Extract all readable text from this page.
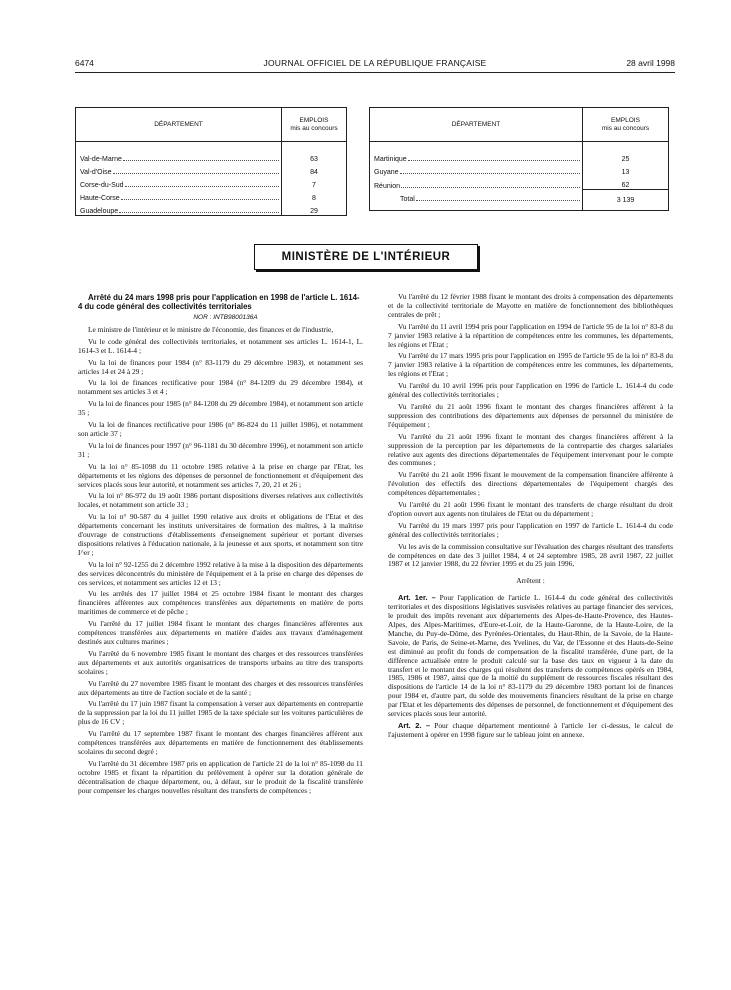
6474	JOURNAL OFFICIEL DE LA RÉPUBLIQUE FRANÇAISE	28 avril 1998
DÉPARTEMENT	EMPLOIS
mis au concours

Val-de-Marne	63

Val-d'Oise	84

Corse-du-Sud	7

Haute-Corse	8

Guadeloupe	29
DÉPARTEMENT	EMPLOIS
mis au concours

Martinique	25

Guyane	13

Réunion	62

Total	3 139
MINISTÈRE DE L'INTÉRIEUR

Arrêté du 24 mars 1998 pris pour l'application en 1998 de l'article L. 1614-4 du code général des collectivités territoriales

NOR : INTB9800136A

Le ministre de l'intérieur et le ministre de l'économie, des finances et de l'industrie,

Vu le code général des collectivités territoriales, et notamment ses articles L. 1614-1, L. 1614-3 et L. 1614-4 ;

Vu la loi de finances pour 1984 (n° 83-1179 du 29 décembre 1983), et notamment ses articles 14 et 24 à 29 ;

Vu la loi de finances rectificative pour 1984 (n° 84-1209 du 29 décembre 1984), et notamment ses articles 3 et 4 ;

Vu la loi de finances pour 1985 (n° 84-1208 du 29 décembre 1984), et notamment son article 35 ;

Vu la loi de finances rectificative pour 1986 (n° 86-824 du 11 juillet 1986), et notamment son article 37 ;

Vu la loi de finances pour 1997 (n° 96-1181 du 30 décembre 1996), et notamment son article 31 ;

Vu la loi n° 85-1098 du 11 octobre 1985 relative à la prise en charge par l'Etat, les départements et les régions des dépenses de personnel de fonctionnement et d'équipement des services placés sous leur autorité, et notamment ses articles 7, 20, 21 et 26 ;

Vu la loi n° 86-972 du 19 août 1986 portant dispositions diverses relatives aux collectivités locales, et notamment son article 33 ;

Vu la loi n° 90-587 du 4 juillet 1990 relative aux droits et obligations de l'Etat et des départements concernant les instituts universitaires de formation des maîtres, à la maîtrise d'ouvrage de constructions d'établissements d'enseignement supérieur et portant diverses dispositions relatives à l'éducation nationale, à la jeunesse et aux sports, et notamment son titre I^er ;

Vu la loi n° 92-1255 du 2 décembre 1992 relative à la mise à la disposition des départements des services déconcentrés du ministère de l'équipement et à la prise en charge des dépenses de ces services, et notamment ses articles 12 et 13 ;

Vu les arrêtés des 17 juillet 1984 et 25 octobre 1984 fixant le montant des charges financières afférentes aux compétences transférées aux départements en matière de ports maritimes de commerce et de pêche ;

Vu l'arrêté du 17 juillet 1984 fixant le montant des charges financières afférentes aux compétences transférées aux départements en matière d'aides aux travaux d'aménagement destinés aux cultures marines ;

Vu l'arrêté du 6 novembre 1985 fixant le montant des charges et des ressources transférées aux départements et aux autorités organisatrices de transports urbains au titre des transports scolaires ;

Vu l'arrêté du 27 novembre 1985 fixant le montant des charges et des ressources transférées aux départements au titre de l'action sociale et de la santé ;

Vu l'arrêté du 17 juin 1987 fixant la compensation à verser aux départements en contrepartie de la suppression par la loi du 11 juillet 1985 de la taxe spéciale sur les voitures particulières de plus de 16 CV ;

Vu l'arrêté du 17 septembre 1987 fixant le montant des charges financières afférent aux compétences transférées aux départements en matière de fonctionnement des établissements scolaires du second degré ;

Vu l'arrêté du 31 décembre 1987 pris en application de l'article 21 de la loi n° 85-1098 du 11 octobre 1985 et fixant la répartition du prélèvement à opérer sur la dotation générale de décentralisation de chaque département, ou, à défaut, sur le produit de la fiscalité transférée pour compenser les charges nouvelles résultant des transferts de compétences ;

Vu l'arrêté du 12 février 1988 fixant le montant des droits à compensation des départements et de la collectivité territoriale de Mayotte en matière de fonctionnement des bibliothèques centrales de prêt ;

Vu l'arrêté du 11 avril 1994 pris pour l'application en 1994 de l'article 95 de la loi n° 83-8 du 7 janvier 1983 relative à la répartition de compétences entre les communes, les départements, les régions et l'Etat ;

Vu l'arrêté du 17 mars 1995 pris pour l'application en 1995 de l'article 95 de la loi n° 83-8 du 7 janvier 1983 relative à la répartition de compétences entre les communes, les départements, les régions et l'Etat ;

Vu l'arrêté du 10 avril 1996 pris pour l'application en 1996 de l'article L. 1614-4 du code général des collectivités territoriales ;

Vu l'arrêté du 21 août 1996 fixant le montant des charges financières afférent à la suppression des contributions des départements aux dépenses de personnel du ministère de l'équipement ;

Vu l'arrêté du 21 août 1996 fixant le montant des charges financières afférent à la suppression de la perception par les départements de la contrepartie des charges salariales relative aux agents des directions départementales de l'équipement intervenant pour le compte des communes ;

Vu l'arrêté du 21 août 1996 fixant le mouvement de la compensation financière afférente à l'évolution des effectifs des directions départementales de l'équipement chargés des compétences départementales ;

Vu l'arrêté du 21 août 1996 fixant le montant des transferts de charge résultant du droit d'option ouvert aux agents non titulaires de l'Etat ou du département ;

Vu l'arrêté du 19 mars 1997 pris pour l'application en 1997 de l'article L. 1614-4 du code général des collectivités territoriales ;

Vu les avis de la commission consultative sur l'évaluation des charges résultant des transferts de compétences en date des 3 juillet 1984, 4 et 24 septembre 1985, 28 avril 1987, 22 juillet 1987 et 12 janvier 1988, du 22 février 1995 et du 25 juin 1996,

Arrêtent :

Art. 1er. – Pour l'application de l'article L. 1614-4 du code général des collectivités territoriales et des dispositions législatives susvisées relatives au partage financier des services, le produit des impôts revenant aux départements des Alpes-de-Haute-Provence, des Hautes-Alpes, des Alpes-Maritimes, d'Eure-et-Loir, de la Haute-Garonne, de la Haute-Loire, de la Manche, du Puy-de-Dôme, des Pyrénées-Orientales, du Haut-Rhin, de la Savoie, de la Haute-Savoie, de Paris, de Seine-et-Marne, des Yvelines, du Var, de l'Essonne et des Hauts-de-Seine est diminué au profit du fonds de compensation de la fiscalité transférée, d'une part, de la différence actualisée entre le produit calculé sur la base des taux en vigueur à la date du transfert et le montant des charges qui résultent des transferts de compétences opérés en 1984, 1985, 1986 et 1987, ainsi que de la moitié du supplément de ressources fiscales résultant des dispositions de l'article 14 de la loi n° 83-1179 du 29 décembre 1983 portant loi de finances pour 1984 et, d'autre part, du solde des mouvements financiers résultant de la prise en charge par l'Etat et les départements des dépenses de personnel, de fonctionnement et d'équipement des services placés sous leur autorité.

Art. 2. – Pour chaque département mentionné à l'article 1er ci-dessus, le calcul de l'ajustement à opérer en 1998 figure sur le tableau joint en annexe.
